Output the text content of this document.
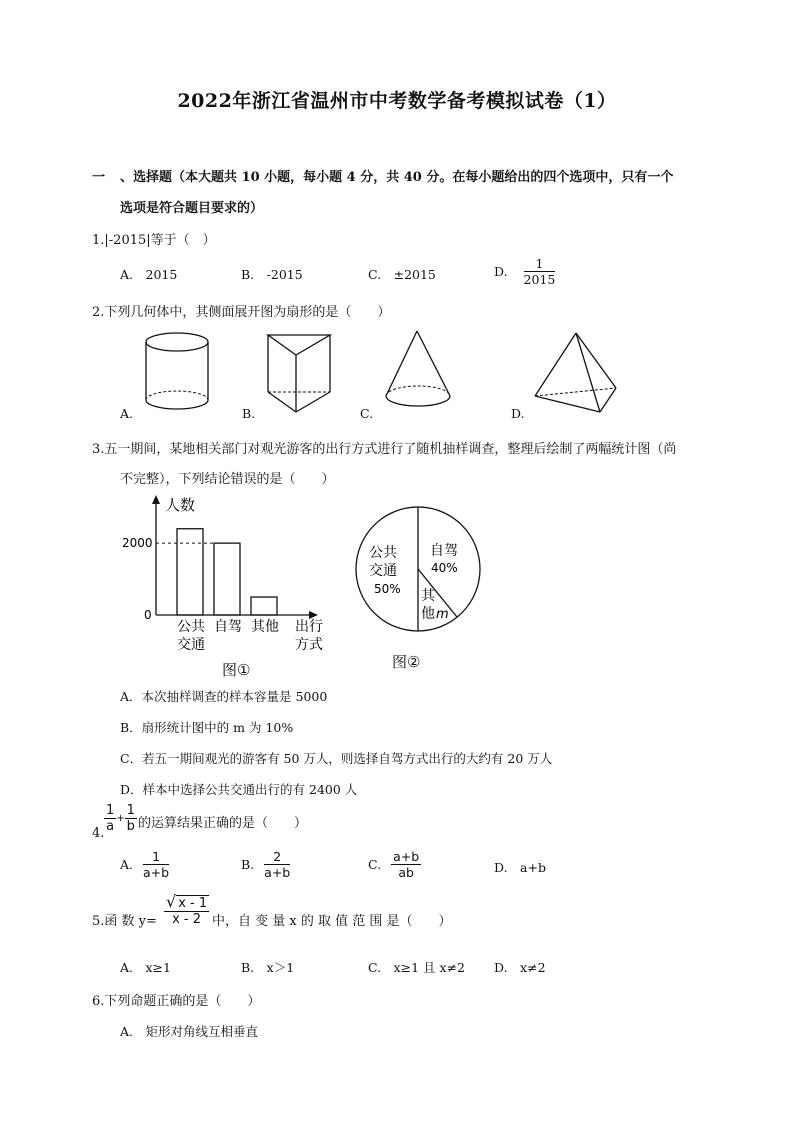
2022年浙江省温州市中考数学备考模拟试卷（1）
一 、选择题（本大题共 10 小题，每小题 4 分，共 40 分。在每小题给出的四个选项中，只有一个
选项是符合题目要求的）
1.|-2015|等于（　）
A.　2015	B.　-2015	C.　±2015	D. $\frac{1}{2015}$
2.下列几何体中，其侧面展开图为扇形的是（　　）
A.	B.	C.	D.
3.五一期间，某地相关部门对观光游客的出行方式进行了随机抽样调查，整理后绘制了两幅统计图（尚
不完整），下列结论错误的是（　　）
人数
2000
0
公共
交通
自驾 其他 出行
方式
图①
公共
交通
50%
自驾
40%
其
他 m
图②
A．本次抽样调查的样本容量是 5000
B．扇形统计图中的 m 为 10%
C．若五一期间观光的游客有 50 万人，则选择自驾方式出行的大约有 20 万人
D．样本中选择公共交通出行的有 2400 人
4. $\frac{1}{a} + \frac{1}{b}$ 的运算结果正确的是（　　）
A. $\frac{1}{a+b}$	B. $\frac{2}{a+b}$	C. $\frac{a+b}{ab}$	D.　a+b
5.函 数 $y= \frac{√ x - 1}{x - 2}$ 中，自 变 量 x 的 取 值 范 围 是（　　）
A.　x≥1	B.　x＞1	C.　x≥1 且 x≠2 D.　x≠2
6.下列命题正确的是（　　）
A.　矩形对角线互相垂直
